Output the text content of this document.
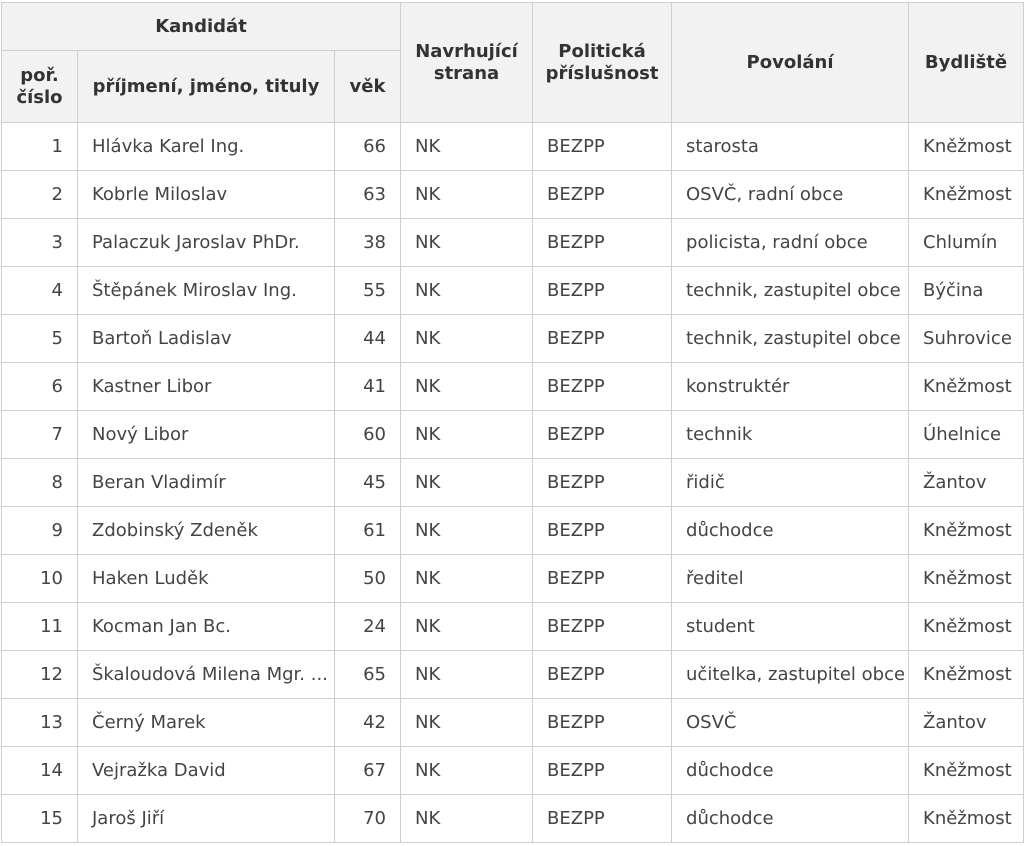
Kandidát			Navrhující strana	Politická příslušnost	Povolání	Bydliště
poř. číslo	příjmení, jméno, tituly	věk				
1	Hlávka Karel Ing.	66	NK	BEZPP	starosta	Kněžmost
2	Kobrle Miloslav	63	NK	BEZPP	OSVČ, radní obce	Kněžmost
3	Palaczuk Jaroslav PhDr.	38	NK	BEZPP	policista, radní obce	Chlumín
4	Štěpánek Miroslav Ing.	55	NK	BEZPP	technik, zastupitel obce	Býčina
5	Bartoň Ladislav	44	NK	BEZPP	technik, zastupitel obce	Suhrovice
6	Kastner Libor	41	NK	BEZPP	konstruktér	Kněžmost
7	Nový Libor	60	NK	BEZPP	technik	Úhelnice
8	Beran Vladimír	45	NK	BEZPP	řidič	Žantov
9	Zdobinský Zdeněk	61	NK	BEZPP	důchodce	Kněžmost
10	Haken Luděk	50	NK	BEZPP	ředitel	Kněžmost
11	Kocman Jan Bc.	24	NK	BEZPP	student	Kněžmost
12	Škaloudová Milena Mgr. ...	65	NK	BEZPP	učitelka, zastupitel obce	Kněžmost
13	Černý Marek	42	NK	BEZPP	OSVČ	Žantov
14	Vejražka David	67	NK	BEZPP	důchodce	Kněžmost
15	Jaroš Jiří	70	NK	BEZPP	důchodce	Kněžmost
